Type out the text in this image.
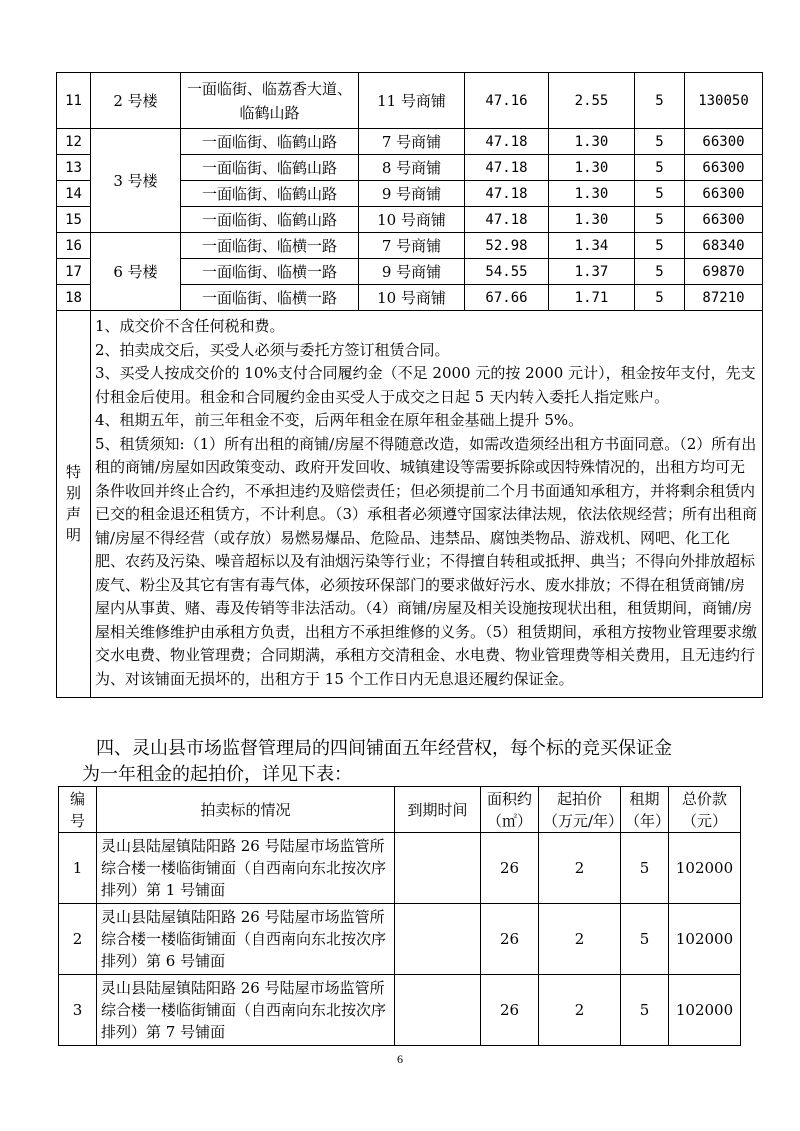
11	2 号楼	一面临街、临荔香大道、临鹤山路	11 号商铺	47.16	2.55	5	130050
12	3 号楼	一面临街、临鹤山路	7 号商铺	47.18	1.30	5	66300
13		一面临街、临鹤山路	8 号商铺	47.18	1.30	5	66300
14		一面临街、临鹤山路	9 号商铺	47.18	1.30	5	66300
15		一面临街、临鹤山路	10 号商铺	47.18	1.30	5	66300
16	6 号楼	一面临街、临横一路	7 号商铺	52.98	1.34	5	68340
17		一面临街、临横一路	9 号商铺	54.55	1.37	5	69870
18		一面临街、临横一路	10 号商铺	67.66	1.71	5	87210
特别声明	1、成交价不含任何税和费。

2、拍卖成交后，买受人必须与委托方签订租赁合同。

3、买受人按成交价的 10%支付合同履约金（不足 2000 元的按 2000 元计），租金按年支付，先支付租金后使用。租金和合同履约金由买受人于成交之日起 5 天内转入委托人指定账户。

4、租期五年，前三年租金不变，后两年租金在原年租金基础上提升 5%。

5、租赁须知:（1）所有出租的商铺/房屋不得随意改造，如需改造须经出租方书面同意。（2）所有出租的商铺/房屋如因政策变动、政府开发回收、城镇建设等需要拆除或因特殊情况的，出租方均可无条件收回并终止合约，不承担违约及赔偿责任；但必须提前二个月书面通知承租方，并将剩余租赁内已交的租金退还租赁方，不计利息。（3）承租者必须遵守国家法律法规，依法依规经营；所有出租商铺/房屋不得经营（或存放）易燃易爆品、危险品、违禁品、腐蚀类物品、游戏机、网吧、化工化肥、农药及污染、噪音超标以及有油烟污染等行业；不得擅自转租或抵押、典当；不得向外排放超标废气、粉尘及其它有害有毒气体，必须按环保部门的要求做好污水、废水排放；不得在租赁商铺/房屋内从事黄、赌、毒及传销等非法活动。（4）商铺/房屋及相关设施按现状出租，租赁期间，商铺/房屋相关维修维护由承租方负责，出租方不承担维修的义务。（5）租赁期间，承租方按物业管理要求缴交水电费、物业管理费；合同期满，承租方交清租金、水电费、物业管理费等相关费用，且无违约行为、对该铺面无损坏的，出租方于 15 个工作日内无息退还履约保证金。						

四、灵山县市场监督管理局的四间铺面五年经营权，每个标的竞买保证金
为一年租金的起拍价，详见下表：
编号	拍卖标的情况	到期时间	面积约（㎡）	起拍价（万元/年）	租期（年）	总价款（元）
1	灵山县陆屋镇陆阳路 26 号陆屋市场监管所综合楼一楼临街铺面（自西南向东北按次序排列）第 1 号铺面		26	2	5	102000
2	灵山县陆屋镇陆阳路 26 号陆屋市场监管所综合楼一楼临街铺面（自西南向东北按次序排列）第 6 号铺面		26	2	5	102000
3	灵山县陆屋镇陆阳路 26 号陆屋市场监管所综合楼一楼临街铺面（自西南向东北按次序排列）第 7 号铺面		26	2	5	102000
6
